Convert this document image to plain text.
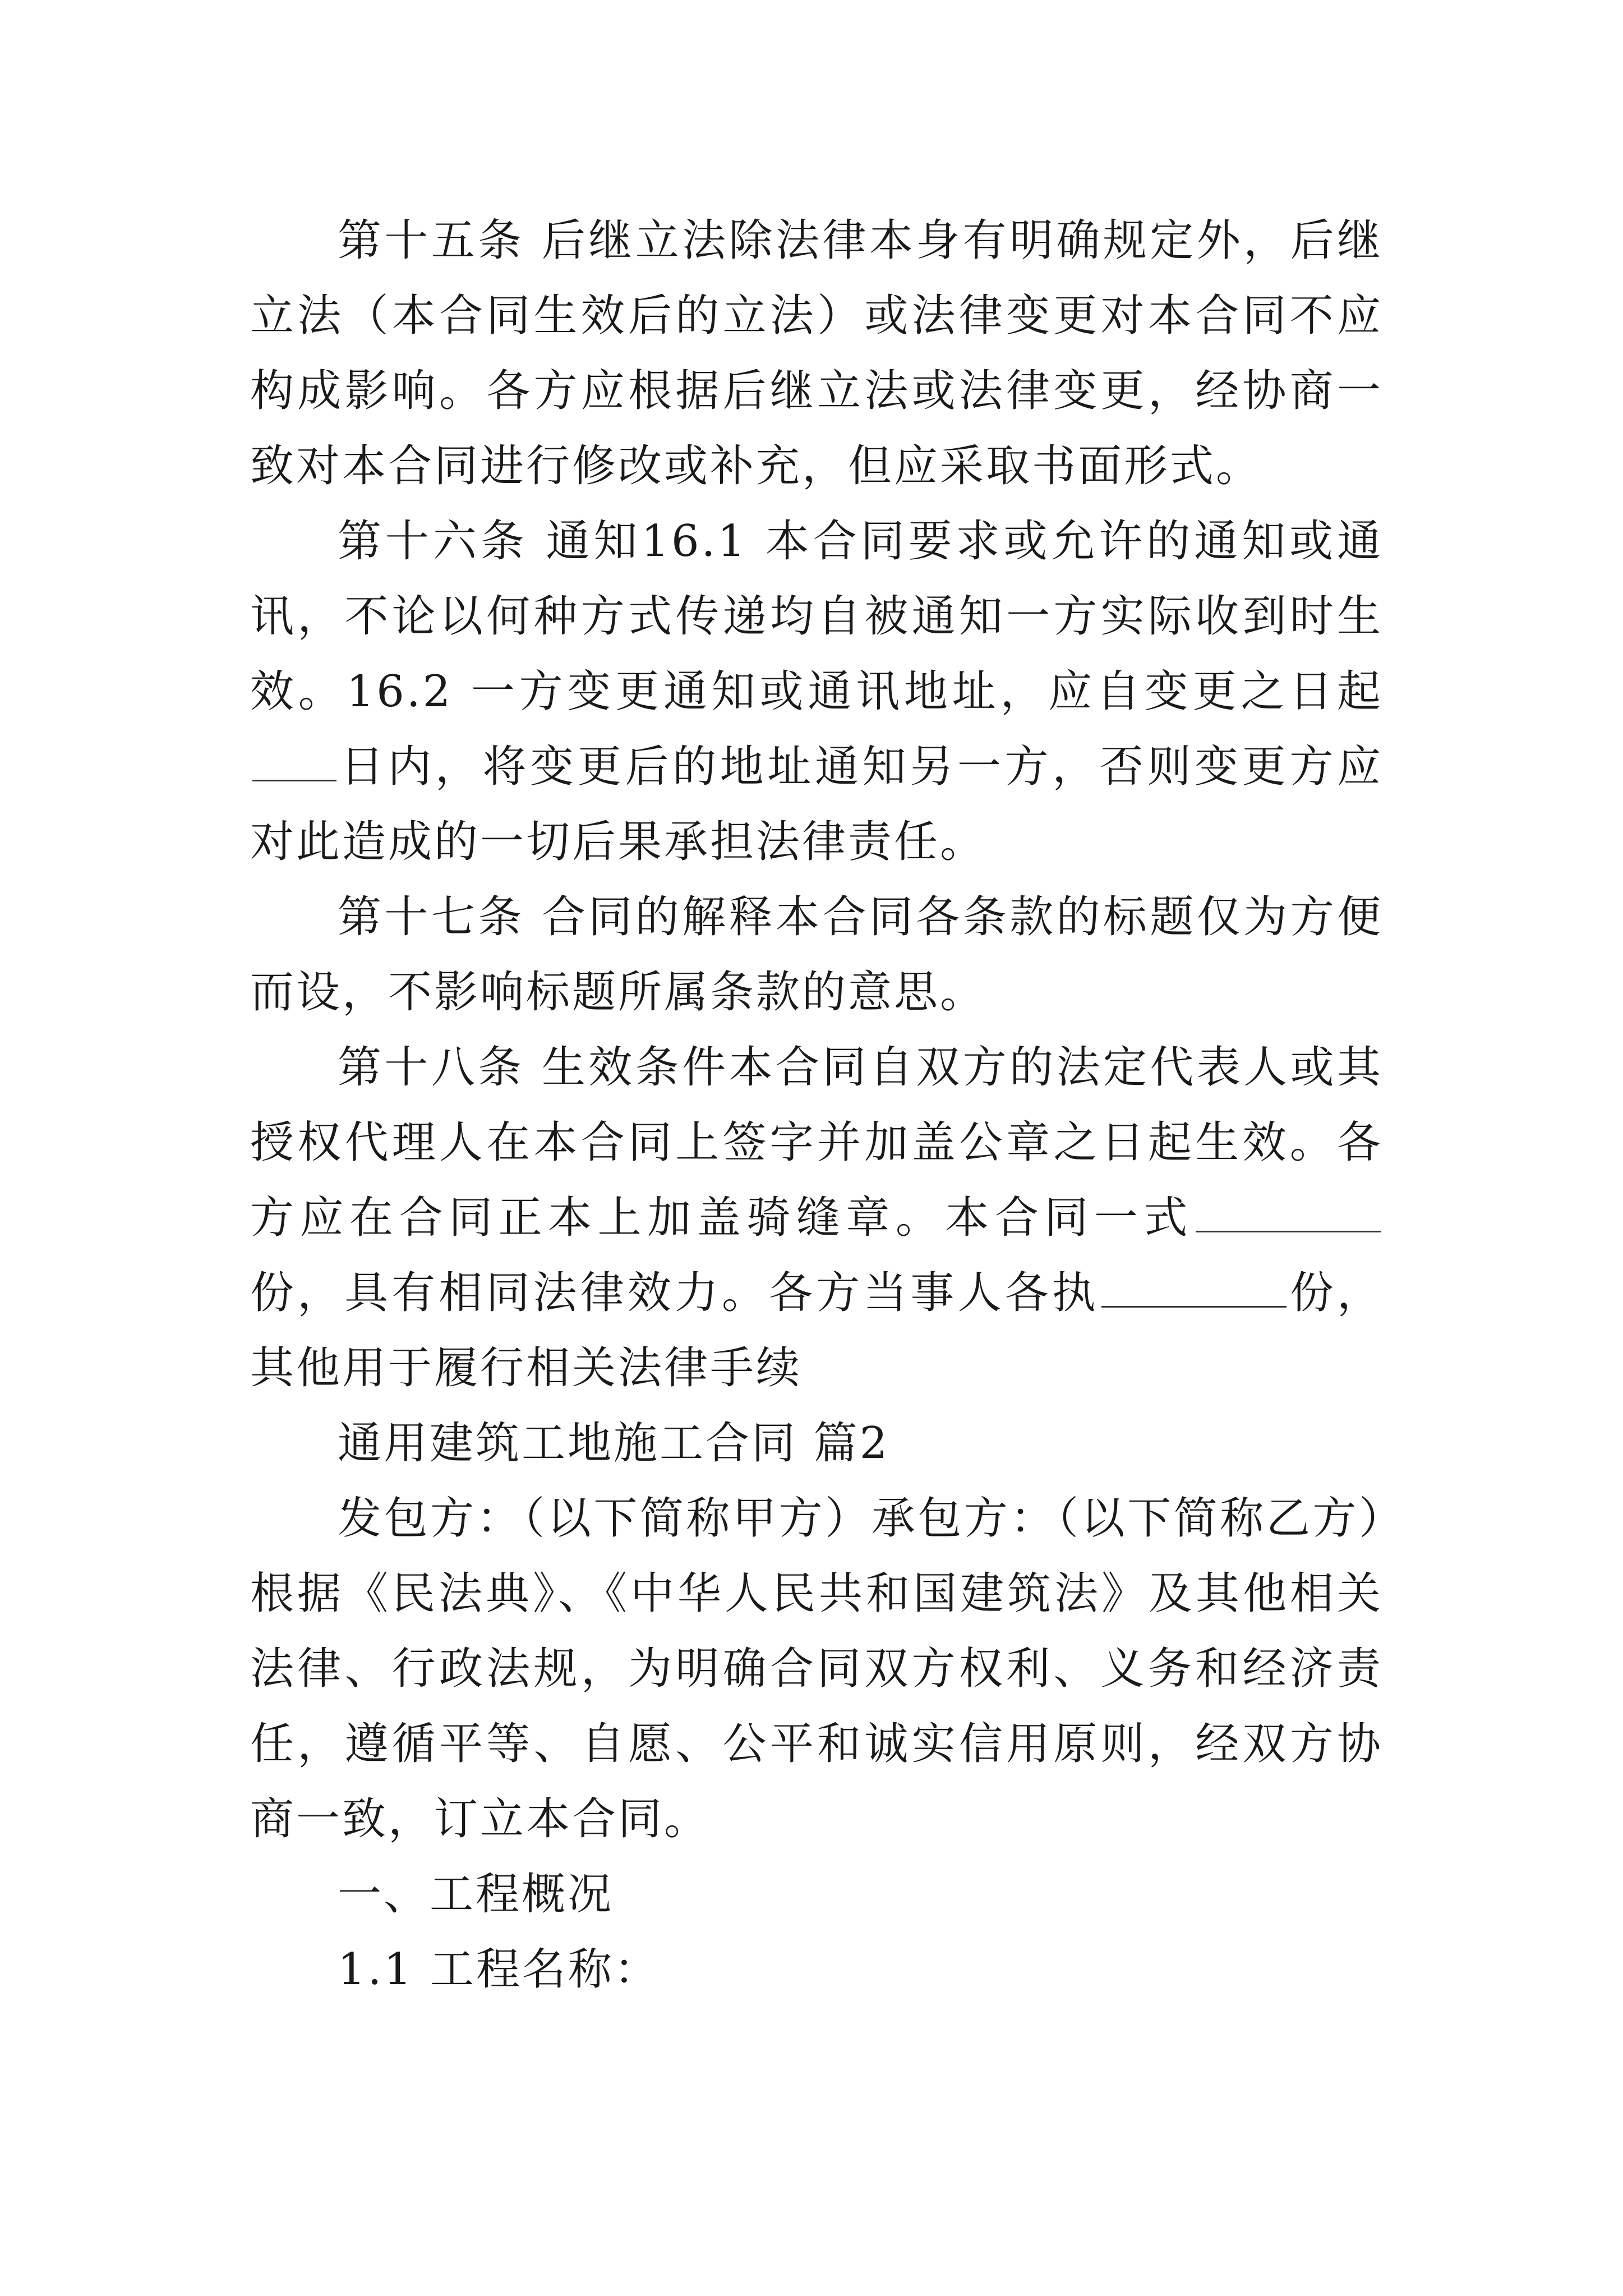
第十五条 后继立法除法律本身有明确规定外，后继立法（本合同生效后的立法）或法律变更对本合同不应构成影响。各方应根据后继立法或法律变更，经协商一致对本合同进行修改或补充，但应采取书面形式。

第十六条 通知16.1 本合同要求或允许的通知或通讯，不论以何种方式传递均自被通知一方实际收到时生效。16.2 一方变更通知或通讯地址，应自变更之日起日内，将变更后的地址通知另一方，否则变更方应对此造成的一切后果承担法律责任。

第十七条 合同的解释本合同各条款的标题仅为方便而设，不影响标题所属条款的意思。

第十八条 生效条件本合同自双方的法定代表人或其授权代理人在本合同上签字并加盖公章之日起生效。各方应在合同正本上加盖骑缝章。本合同一式份，具有相同法律效力。各方当事人各执	份，其他用于履行相关法律手续

通用建筑工地施工合同 篇2

发包方：（以下简称甲方）承包方：（以下简称乙方）根据《民法典》、《中华人民共和国建筑法》及其他相关法律、行政法规，为明确合同双方权利、义务和经济责任，遵循平等、自愿、公平和诚实信用原则，经双方协商一致，订立本合同。

一、工程概况

1.1 工程名称：
